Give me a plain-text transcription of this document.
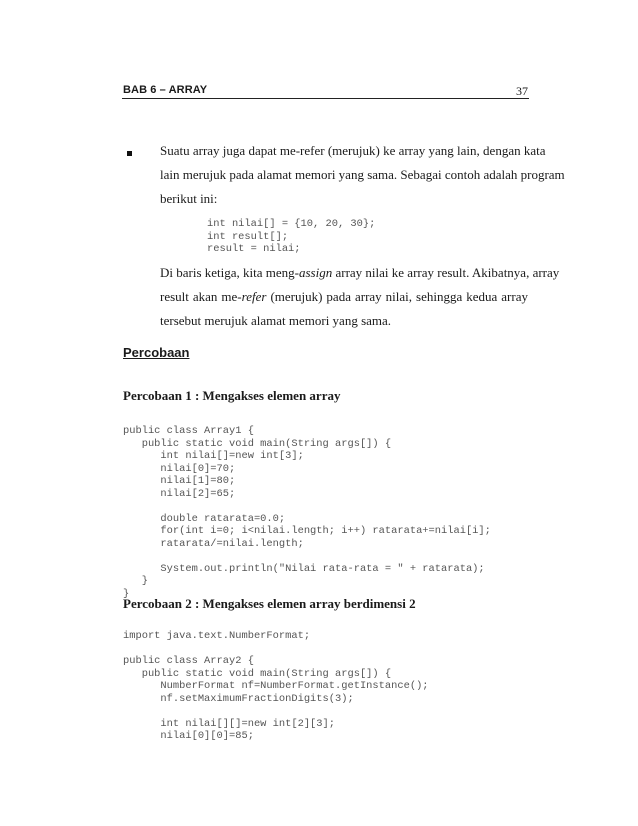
BAB 6 – ARRAY	37
Suatu array juga dapat me-refer (merujuk) ke array yang lain, dengan kata
lain merujuk pada alamat memori yang sama. Sebagai contoh adalah program
berikut ini:
int nilai[] = {10, 20, 30};
int result[];
result = nilai;
Di baris ketiga, kita meng-assign array nilai ke array result. Akibatnya, array
result akan me-refer (merujuk) pada array nilai, sehingga kedua array
tersebut merujuk alamat memori yang sama.
Percobaan
Percobaan 1 : Mengakses elemen array
public class Array1 {
public static void main(String args[]) {
int nilai[]=new int[3];
nilai[0]=70;
nilai[1]=80;
nilai[2]=65;

double ratarata=0.0;
for(int i=0; i<nilai.length; i++) ratarata+=nilai[i];
ratarata/=nilai.length;

System.out.println("Nilai rata-rata = " + ratarata);
}
}
Percobaan 2 : Mengakses elemen array berdimensi 2
import java.text.NumberFormat;

public class Array2 {
public static void main(String args[]) {
NumberFormat nf=NumberFormat.getInstance();
nf.setMaximumFractionDigits(3);

int nilai[][]=new int[2][3];
nilai[0][0]=85;
